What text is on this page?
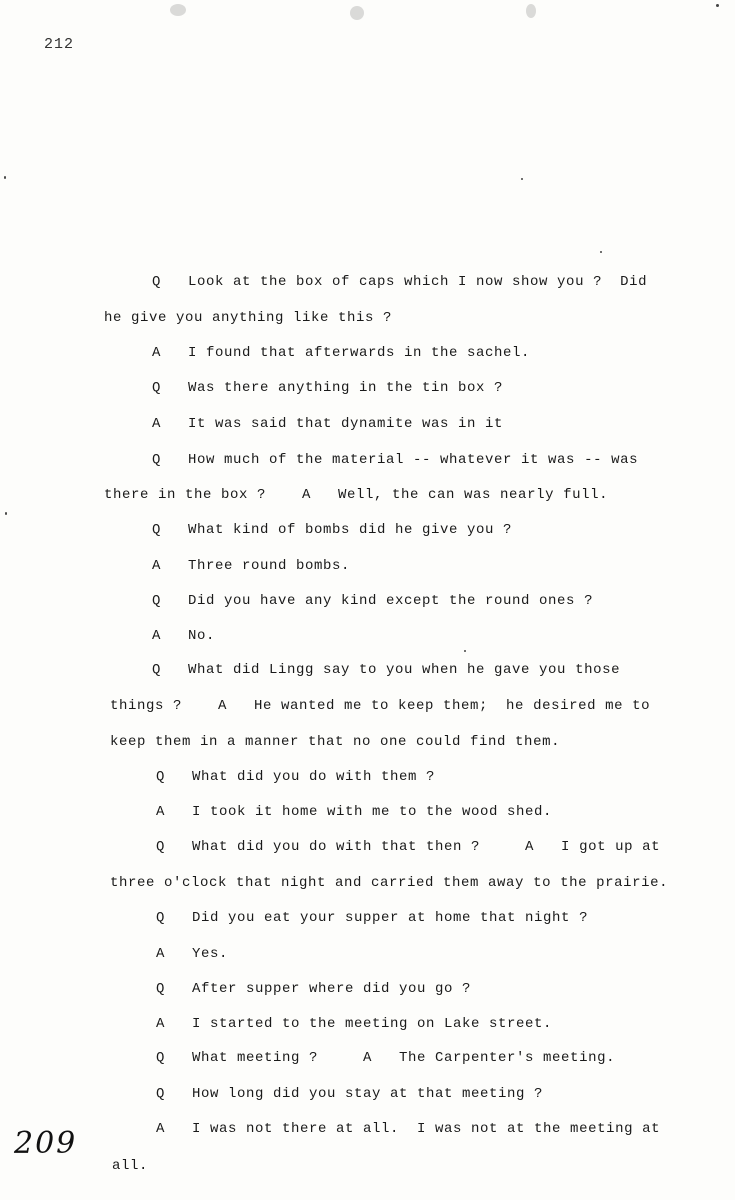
212
Q   Look at the box of caps which I now show you ?  Did
he give you anything like this ?
A   I found that afterwards in the sachel.
Q   Was there anything in the tin box ?
A   It was said that dynamite was in it
Q   How much of the material -- whatever it was -- was
there in the box ?    A   Well, the can was nearly full.
Q   What kind of bombs did he give you ?
A   Three round bombs.
Q   Did you have any kind except the round ones ?
A   No.
Q   What did Lingg say to you when he gave you those
things ?    A   He wanted me to keep them;  he desired me to
keep them in a manner that no one could find them.
Q   What did you do with them ?
A   I took it home with me to the wood shed.
Q   What did you do with that then ?     A   I got up at
three o'clock that night and carried them away to the prairie.
Q   Did you eat your supper at home that night ?
A   Yes.
Q   After supper where did you go ?
A   I started to the meeting on Lake street.
Q   What meeting ?     A   The Carpenter's meeting.
Q   How long did you stay at that meeting ?
A   I was not there at all.  I was not at the meeting at
all.
209
